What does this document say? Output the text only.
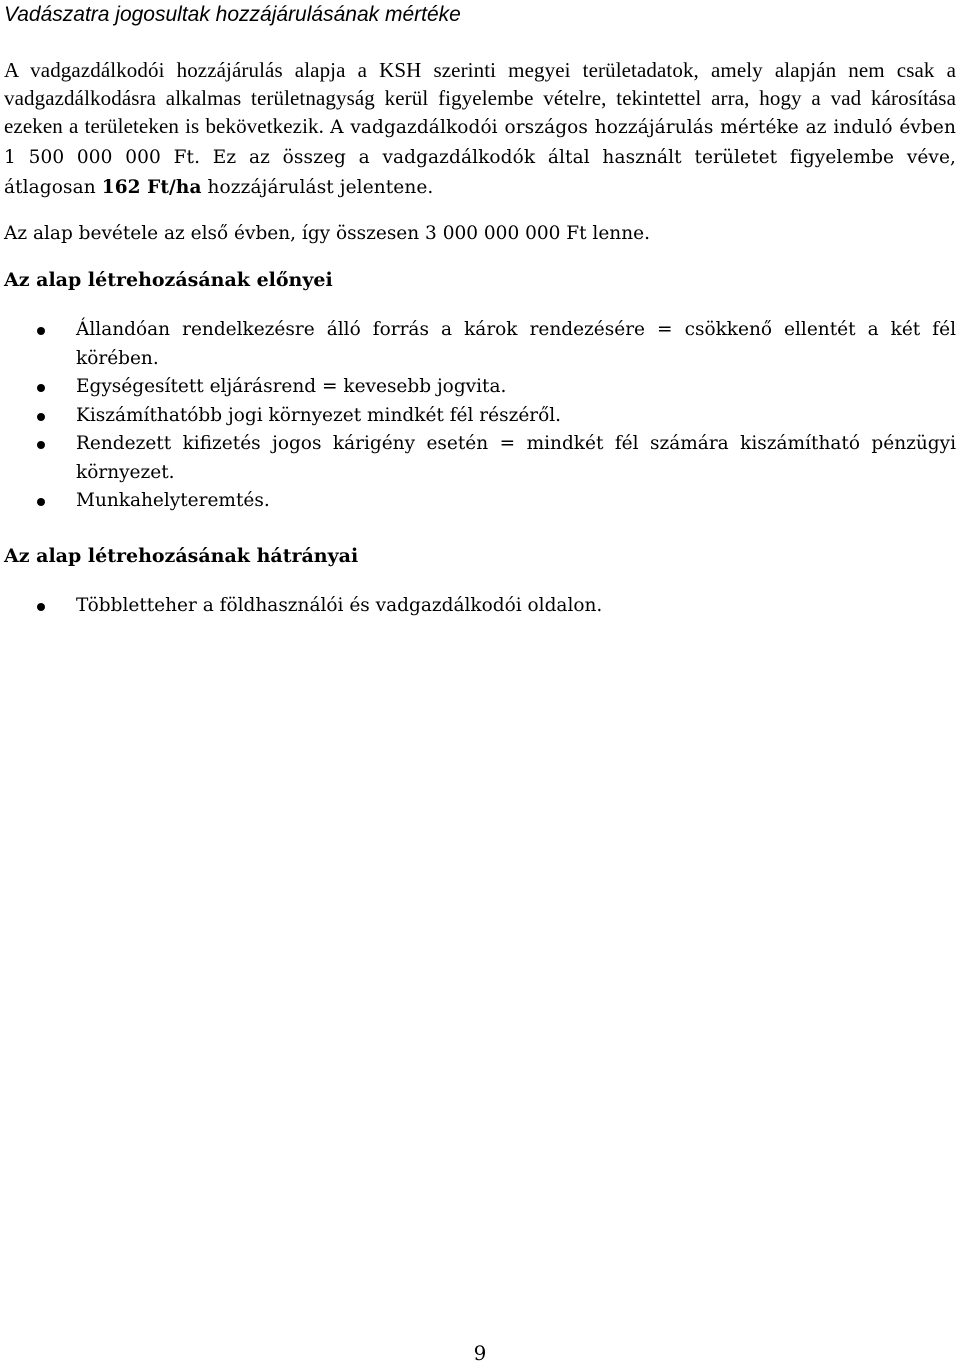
Vadászatra jogosultak hozzájárulásának mértéke

A vadgazdálkodói hozzájárulás alapja a KSH szerinti megyei területadatok, amely alapján nem csak a vadgazdálkodásra alkalmas területnagyság kerül figyelembe vételre, tekintettel arra, hogy a vad károsítása ezeken a területeken is bekövetkezik. A vadgazdálkodói országos hozzájárulás mértéke az induló évben 1 500 000 000 Ft. Ez az összeg a vadgazdálkodók által használt területet figyelembe véve, átlagosan 162 Ft/ha hozzájárulást jelentene.

Az alap bevétele az első évben, így összesen 3 000 000 000 Ft lenne.

Az alap létrehozásának előnyei
Állandóan rendelkezésre álló forrás a károk rendezésére = csökkenő ellentét a két fél körében.
Egységesített eljárásrend = kevesebb jogvita.
Kiszámíthatóbb jogi környezet mindkét fél részéről.
Rendezett kifizetés jogos kárigény esetén = mindkét fél számára kiszámítható pénzügyi környezet.
Munkahelyteremtés.
Az alap létrehozásának hátrányai
Többletteher a földhasználói és vadgazdálkodói oldalon.
9
